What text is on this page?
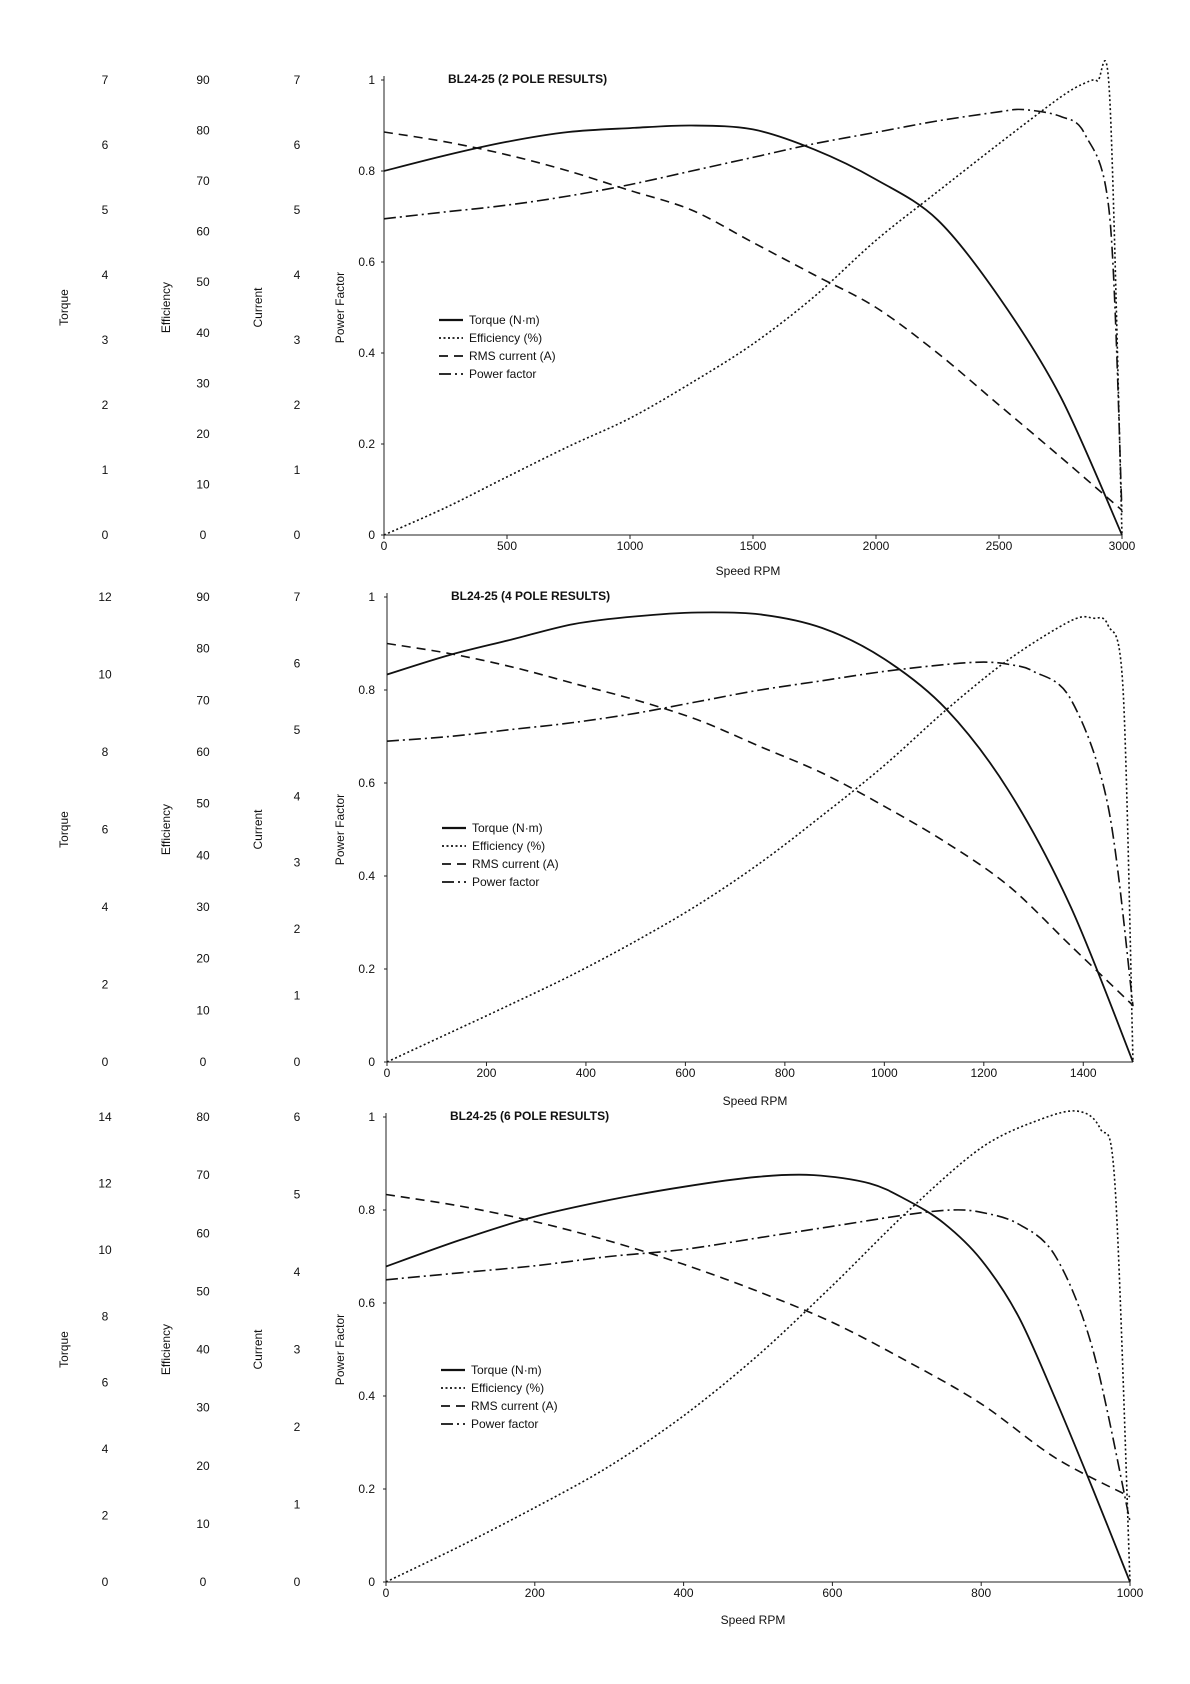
BL24-25 (2 POLE RESULTS)
0	500	1000	1500	2000	2500	3000
Speed RPM
0
1
2
3
4
5
6
7
Torque
0
10
20
30
40
50
60
70
80
90
Efficiency
0
1
2
3
4
5
6
7
Current
0
0.2
0.4
0.6
0.8
1
Power Factor	Torque (N·m)
Efficiency (%)
RMS current (A)
Power factor
BL24-25 (4 POLE RESULTS)
0	200	400	600	800	1000	1200	1400
Speed RPM
0
2
4
6
8
10
12
Torque
0
10
20
30
40
50
60
70
80
90
Efficiency
0
1
2
3
4
5
6
7
Current
0
0.2
0.4
0.6
0.8
1
Power Factor	Torque (N·m)
Efficiency (%)
RMS current (A)
Power factor
BL24-25 (6 POLE RESULTS)
0	200	400	600	800	1000
Speed RPM
0
2
4
6
8
10
12
14
Torque
0
10
20
30
40
50
60
70
80
Efficiency
0
1
2
3
4
5
6
Current
0
0.2
0.4
0.6
0.8
1
Power Factor	Torque (N·m)
Efficiency (%)
RMS current (A)
Power factor
